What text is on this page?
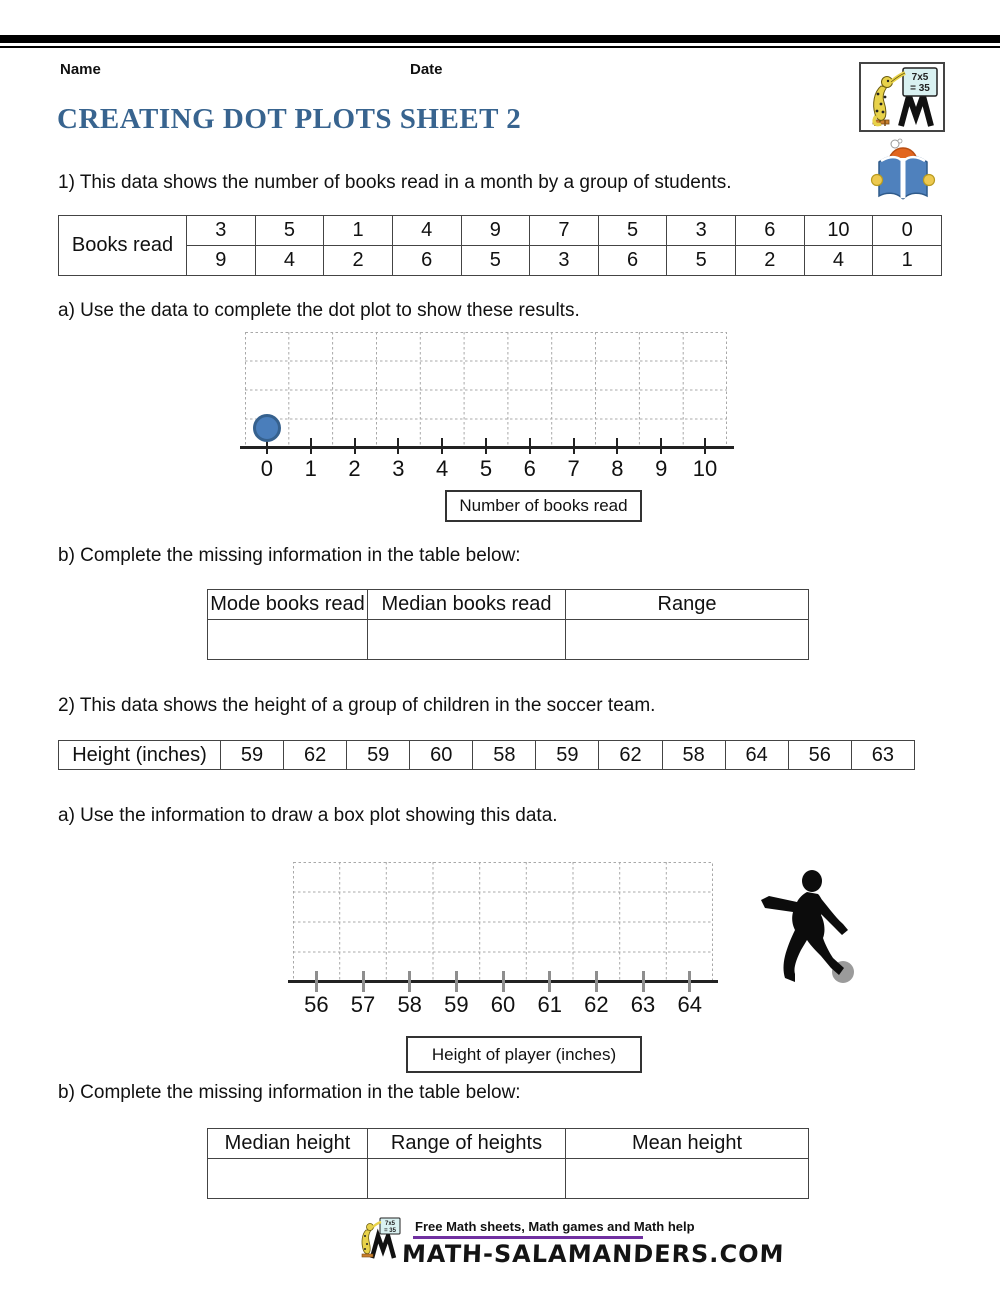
Name	Date	7x5
= 35
CREATING DOT PLOTS SHEET 2
1) This data shows the number of books read in a month by a group of students.
Books read	3	5	1	4	9	7	5	3	6	10	0
	9	4	2	6	5	3	6	5	2	4	1
a) Use the data to complete the dot plot to show these results.
0	1	2	3	4	5	6	7	8	9	10
Number of books read
b) Complete the missing information in the table below:
Mode books read	Median books read	Range

2) This data shows the height of a group of children in the soccer team.
Height (inches)	59	62	59	60	58	59	62	58	64	56	63
a) Use the information to draw a box plot showing this data.
56	57	58	59	60	61	62	63	64
Height of player (inches)
b) Complete the missing information in the table below:
Median height	Range of heights	Mean height

7x5
= 35 Free Math sheets, Math games and Math help
MATH-SALAMANDERS.COM
